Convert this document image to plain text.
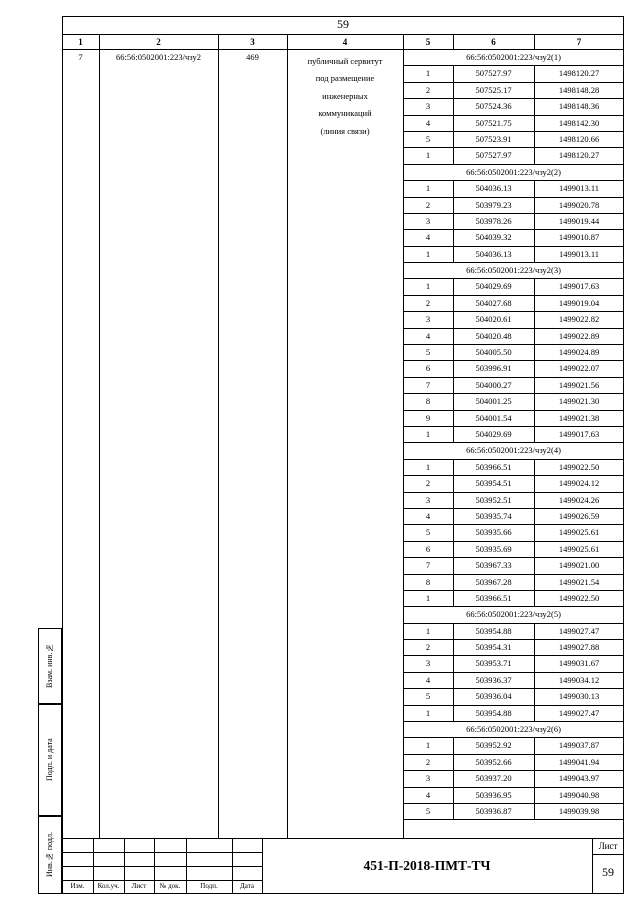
59
1	2	3	4	5	6	7
7	66:56:0502001:223/чзу2	469	публичный сервитут
под размещение
инженерных
коммуникаций
(линия связи)
66:56:0502001:223/чзу2(1)
1	507527.97	1498120.27
2	507525.17	1498148.28
3	507524.36	1498148.36
4	507521.75	1498142.30
5	507523.91	1498120.66
1	507527.97	1498120.27
66:56:0502001:223/чзу2(2)
1	504036.13	1499013.11
2	503979.23	1499020.78
3	503978.26	1499019.44
4	504039.32	1499010.87
1	504036.13	1499013.11
66:56:0502001:223/чзу2(3)
1	504029.69	1499017.63
2	504027.68	1499019.04
3	504020.61	1499022.82
4	504020.48	1499022.89
5	504005.50	1499024.89
6	503996.91	1499022.07
7	504000.27	1499021.56
8	504001.25	1499021.30
9	504001.54	1499021.38
1	504029.69	1499017.63
66:56:0502001:223/чзу2(4)
1	503966.51	1499022.50
2	503954.51	1499024.12
3	503952.51	1499024.26
4	503935.74	1499026.59
5	503935.66	1499025.61
6	503935.69	1499025.61
7	503967.33	1499021.00
8	503967.28	1499021.54
1	503966.51	1499022.50
66:56:0502001:223/чзу2(5)
1	503954.88	1499027.47
2	503954.31	1499027.88
3	503953.71	1499031.67
4	503936.37	1499034.12
5	503936.04	1499030.13
1	503954.88	1499027.47
66:56:0502001:223/чзу2(6)
1	503952.92	1499037.87
2	503952.66	1499041.94
3	503937.20	1499043.97
4	503936.95	1499040.98
5	503936.87	1499039.98
Изм.	Кол.уч.	Лист	№ док.	Подп.	Дата
451-П-2018-ПМТ-ТЧ
Лист
59
Взам. инв.№
Подп. и дата
Инв.№ подл.
